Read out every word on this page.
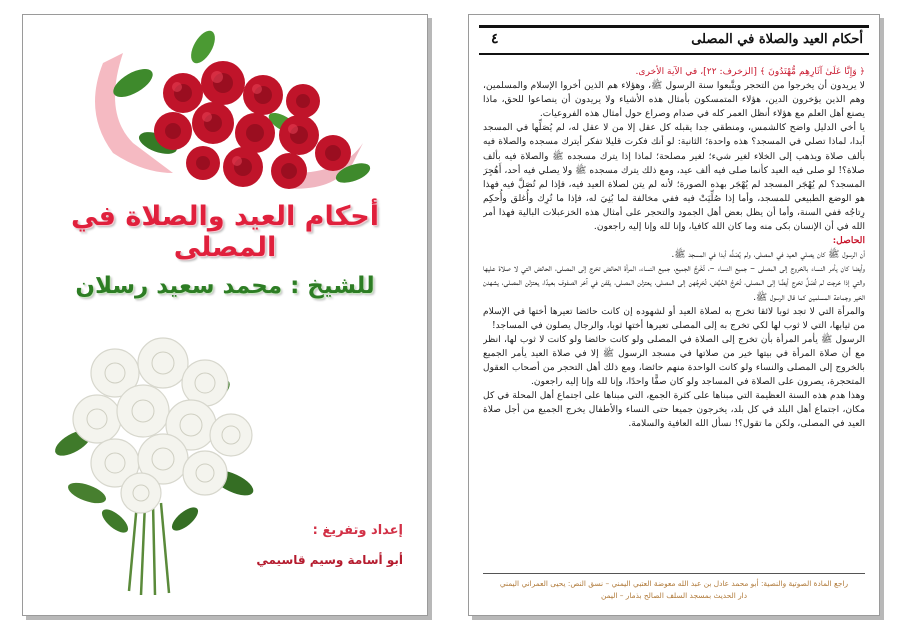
أحكام العيد والصلاة في المصلى
للشيخ : محمد سعيد رسلان
إعداد وتفريغ :
أبو أسامة وسيم قاسيمي
أحكام العيد والصلاة في المصلى
٤

﴿ وَإِنَّا عَلَىٰ آثَارِهِم مُّهْتَدُونَ ﴾ [الزخرف: ٢٢]، في الآية الأخرى.

لا يريدون أن يخرجوا من التحجر ويتَّبعوا سنة الرسول ﷺ، وهؤلاء هم الذين أخروا الإسلام والمسلمين، وهم الذين يؤخرون الدين، هؤلاء المتمسكون بأمثال هذه الأشياء ولا يريدون أن ينصاعوا للحق، ماذا يصنع أهل العلم مع هؤلاء أنظل العمر كله في صدام وصراع حول أمثال هذه الفروعيات.

يا أخي الدليل واضح كالشمس، ومنطقي جدا يقبله كل عقل إلا من لا عقل له، لم يُصَلِّها في المسجد أبدا، لماذا تصلي في المسجد؟ هذه واحدة؛ الثانية: لو أنك فكرت قليلا تفكر أيترك مسجده والصلاة فيه بألف صلاة ويذهب إلى الخلاء لغير شيء؛ لغير مصلحة؛ لماذا إذا يترك مسجده ﷺ والصلاة فيه بألف صلاة؟! لو صلى فيه العيد كأنما صلى فيه ألف عيد، ومع ذلك يترك مسجده ﷺ ولا يصلي فيه أحد، أَهُجِرَ المسجد؟ لم يُهْجَر المسجد لم يُهْجَر بهذه الصورة؛ لأنه لم يتن لصلاة العيد فيه، فإذا لم تُصَلَّ فيه فهذا هو الوضع الطبيعي للمسجد، وأما إذا صُلِّيَتْ فيه ففي مخالفة لما بُنِيَ له، فإذا ما تُرِك وأُغلق وأُحكِم رِتاجُه ففي السنة، وأما أن يظل بعض أهل الجمود والتحجر على أمثال هذه الخزعبلات البالية فهذا أمر الله في أن الإنسان بكى منه وما كان الله كافيا، وإنا لله وإنا إليه راجعون.

الحاصل:

أن الرسول ﷺ كان يصلي العيد في المصلى، ولم يُصَلِّه أبدا في المسجد ﷺ.

وأيضا كان يأمر النساء بالخروج إلى المصلى – جميع النساء –، تُخْرِجُ الجميع، جميع النساء، المرأة الحائض تخرج إلى المصلى، الحائض التي لا صلاة عليها والتي إذا خرجت لم تُصَلِّ تخرج أيضًا إلى المصلى، تُخرِجُ الحُيَّض، تُخرِجُهن إلى المصلى، يعتزلن المصلى، يقفن في آخر الصفوف بعيدًا، يعتزلن المصلى، يشهدن الخير وجماعة المسلمين كما قال الرسول ﷺ.

والمرأة التي لا تجد ثوبا لائقا تخرج به لصلاة العيد أو لشهوده إن كانت حائضا تعيرها أختها في الإسلام من ثيابها، التي لا ثوب لها لكي تخرج به إلى المصلى تعيرها أختها ثوبا، والرجال يصلون في المساجد!

الرسول ﷺ يأمر المرأة بأن تخرج إلى الصلاة في المصلى ولو كانت حائضا ولو كانت لا ثوب لها، انظر مع أن صلاة المرأة في بيتها خير من صلاتها في مسجد الرسول ﷺ إلا في صلاة العيد يأمر الجميع بالخروج إلى المصلى والنساء ولو كانت الواحدة منهم حائضا، ومع ذلك أهل التحجر من أصحاب العقول المتحجرة، يصرون على الصلاة في المساجد ولو كان صفًّا واحدًا، وإنا لله وإنا إليه راجعون.

وهذا هدم هذه السنة العظيمة التي مبناها على كثرة الجمع، التي مبناها على اجتماع أهل المحلة في كل مكان، اجتماع أهل البلد في كل بلد، يخرجون جميعا حتى النساء والأطفال يخرج الجميع من أجل صلاة العيد في المصلى، ولكن ما تقول؟! نسأل الله العافية والسلامة.

راجع المادة الصوتية والنصية: أبو محمد عادل بن عبد الله معوضة العتبي اليمني – نسق النص: يحيى العمراني اليمني
دار الحديث بمسجد السلف الصالح بذمار – اليمن
